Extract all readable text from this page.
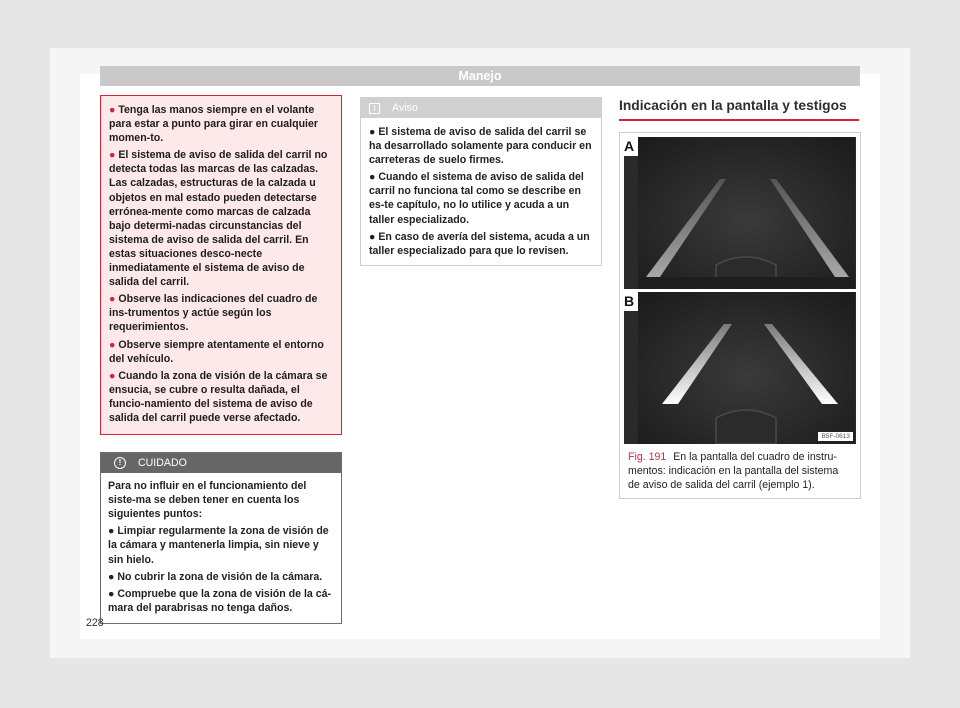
Manejo

● Tenga las manos siempre en el volante para estar a punto para girar en cualquier momen-to.

● El sistema de aviso de salida del carril no detecta todas las marcas de las calzadas. Las calzadas, estructuras de la calzada u objetos en mal estado pueden detectarse errónea-mente como marcas de calzada bajo determi-nadas circunstancias del sistema de aviso de salida del carril. En estas situaciones desco-necte inmediatamente el sistema de aviso de salida del carril.

● Observe las indicaciones del cuadro de ins-trumentos y actúe según los requerimientos.

● Observe siempre atentamente el entorno del vehículo.

● Cuando la zona de visión de la cámara se ensucia, se cubre o resulta dañada, el funcio-namiento del sistema de aviso de salida del carril puede verse afectado.

!	CUIDADO

Para no influir en el funcionamiento del siste-ma se deben tener en cuenta los siguientes puntos:

● Limpiar regularmente la zona de visión de la cámara y mantenerla limpia, sin nieve y sin hielo.

● No cubrir la zona de visión de la cámara.

● Compruebe que la zona de visión de la cá-mara del parabrisas no tenga daños.

i	Aviso

● El sistema de aviso de salida del carril se ha desarrollado solamente para conducir en carreteras de suelo firmes.

● Cuando el sistema de aviso de salida del carril no funciona tal como se describe en es-te capítulo, no lo utilice y acuda a un taller especializado.

● En caso de avería del sistema, acuda a un taller especializado para que lo revisen.

Indicación en la pantalla y testigos
A
B
B5F-0613
Fig. 191 En la pantalla del cuadro de instru-mentos: indicación en la pantalla del sistema de aviso de salida del carril (ejemplo 1).
228
